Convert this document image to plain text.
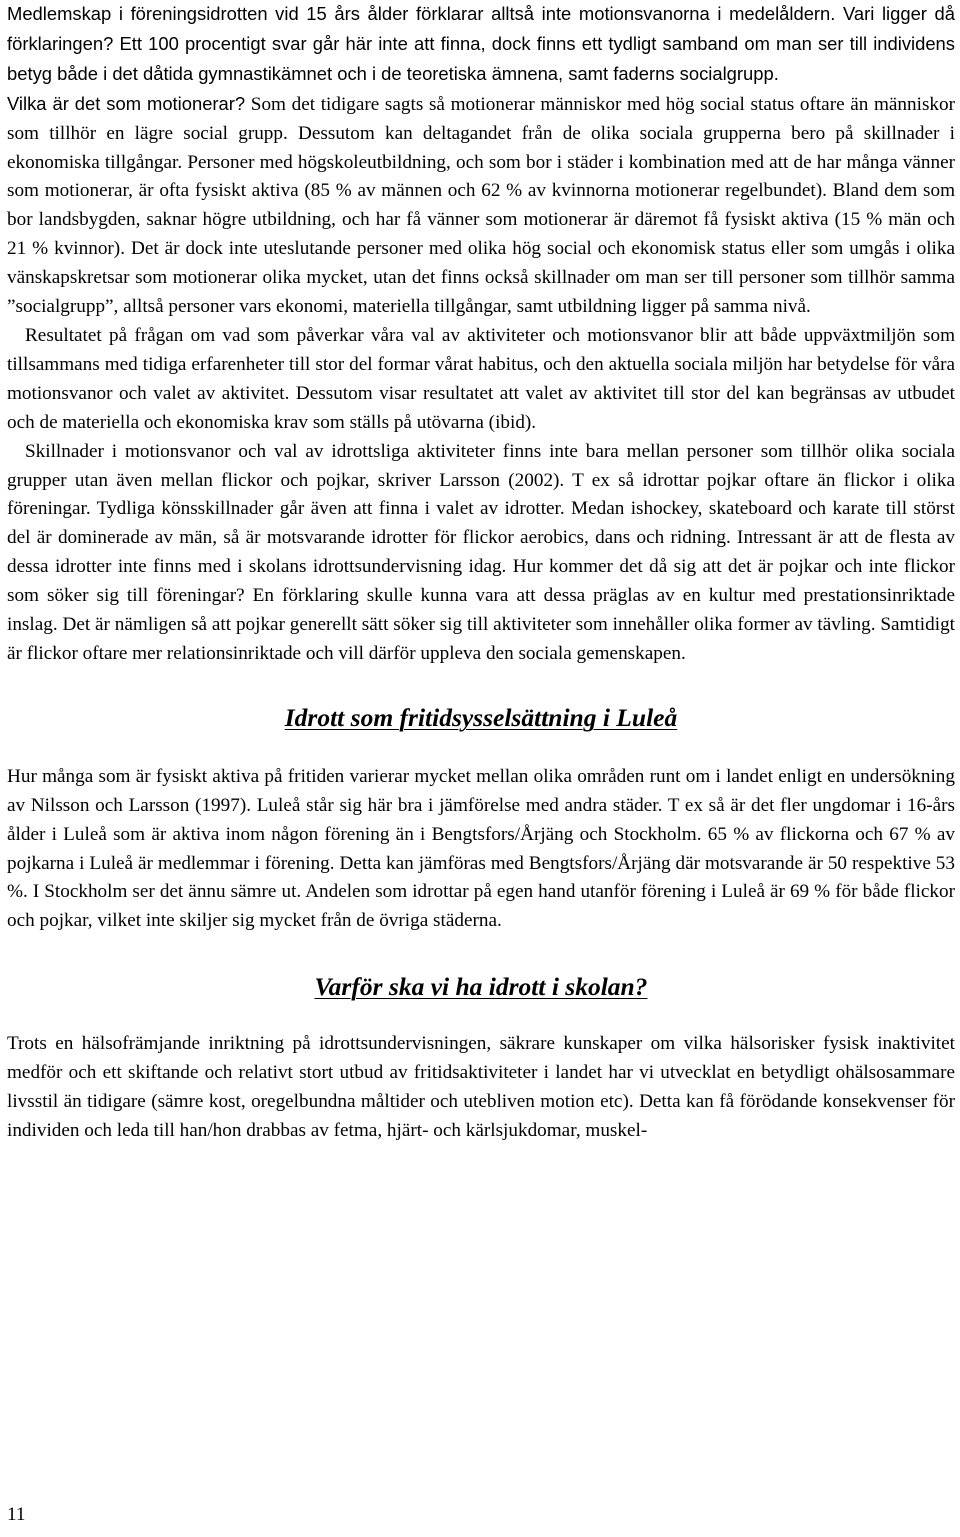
Medlemskap i föreningsidrotten vid 15 års ålder förklarar alltså inte motionsvanorna i medelåldern. Vari ligger då förklaringen? Ett 100 procentigt svar går här inte att finna, dock finns ett tydligt samband om man ser till individens betyg både i det dåtida gymnastikämnet och i de teoretiska ämnena, samt faderns socialgrupp.
Vilka är det som motionerar? Som det tidigare sagts så motionerar människor med hög social status oftare än människor som tillhör en lägre social grupp. Dessutom kan deltagandet från de olika sociala grupperna bero på skillnader i ekonomiska tillgångar. Personer med högskoleutbildning, och som bor i städer i kombination med att de har många vänner som motionerar, är ofta fysiskt aktiva (85 % av männen och 62 % av kvinnorna motionerar regelbundet). Bland dem som bor landsbygden, saknar högre utbildning, och har få vänner som motionerar är däremot få fysiskt aktiva (15 % män och 21 % kvinnor). Det är dock inte uteslutande personer med olika hög social och ekonomisk status eller som umgås i olika vänskapskretsar som motionerar olika mycket, utan det finns också skillnader om man ser till personer som tillhör samma ”socialgrupp”, alltså personer vars ekonomi, materiella tillgångar, samt utbildning ligger på samma nivå.

Resultatet på frågan om vad som påverkar våra val av aktiviteter och motionsvanor blir att både uppväxtmiljön som tillsammans med tidiga erfarenheter till stor del formar vårat habitus, och den aktuella sociala miljön har betydelse för våra motionsvanor och valet av aktivitet. Dessutom visar resultatet att valet av aktivitet till stor del kan begränsas av utbudet och de materiella och ekonomiska krav som ställs på utövarna (ibid).

Skillnader i motionsvanor och val av idrottsliga aktiviteter finns inte bara mellan personer som tillhör olika sociala grupper utan även mellan flickor och pojkar, skriver Larsson (2002). T ex så idrottar pojkar oftare än flickor i olika föreningar. Tydliga könsskillnader går även att finna i valet av idrotter. Medan ishockey, skateboard och karate till störst del är dominerade av män, så är motsvarande idrotter för flickor aerobics, dans och ridning. Intressant är att de flesta av dessa idrotter inte finns med i skolans idrottsundervisning idag. Hur kommer det då sig att det är pojkar och inte flickor som söker sig till föreningar? En förklaring skulle kunna vara att dessa präglas av en kultur med prestationsinriktade inslag. Det är nämligen så att pojkar generellt sätt söker sig till aktiviteter som innehåller olika former av tävling. Samtidigt är flickor oftare mer relationsinriktade och vill därför uppleva den sociala gemenskapen.

Idrott som fritidsysselsättning i Luleå

Hur många som är fysiskt aktiva på fritiden varierar mycket mellan olika områden runt om i landet enligt en undersökning av Nilsson och Larsson (1997). Luleå står sig här bra i jämförelse med andra städer. T ex så är det fler ungdomar i 16-års ålder i Luleå som är aktiva inom någon förening än i Bengtsfors/Årjäng och Stockholm. 65 % av flickorna och 67 % av pojkarna i Luleå är medlemmar i förening. Detta kan jämföras med Bengtsfors/Årjäng där motsvarande är 50 respektive 53 %. I Stockholm ser det ännu sämre ut. Andelen som idrottar på egen hand utanför förening i Luleå är 69 % för både flickor och pojkar, vilket inte skiljer sig mycket från de övriga städerna.

Varför ska vi ha idrott i skolan?

Trots en hälsofrämjande inriktning på idrottsundervisningen, säkrare kunskaper om vilka hälsorisker fysisk inaktivitet medför och ett skiftande och relativt stort utbud av fritidsaktiviteter i landet har vi utvecklat en betydligt ohälsosammare livsstil än tidigare (sämre kost, oregelbundna måltider och utebliven motion etc). Detta kan få förödande konsekvenser för individen och leda till han/hon drabbas av fetma, hjärt- och kärlsjukdomar, muskel-

11
